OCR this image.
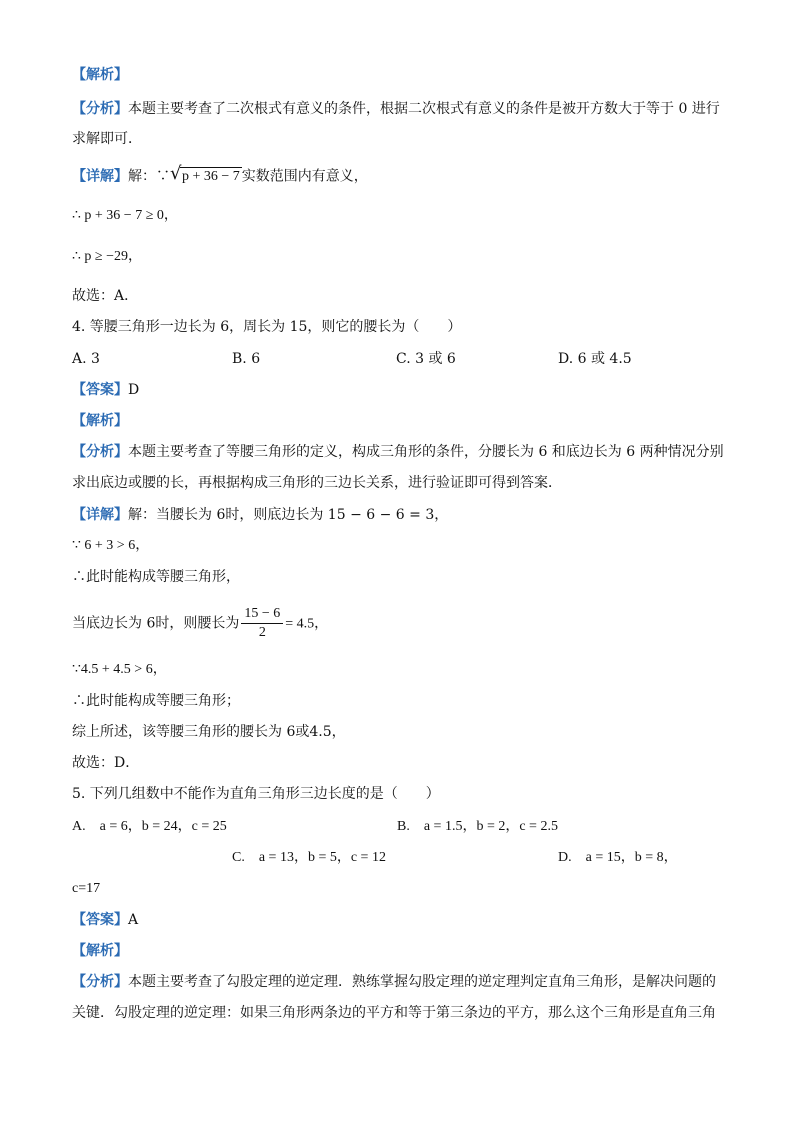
【解析】
【分析】本题主要考查了二次根式有意义的条件，根据二次根式有意义的条件是被开方数大于等于 0 进行
求解即可．
【详解】解：∵ √ p + 36 − 7 实数范围内有意义，
∴ p + 36 − 7 ≥ 0，
∴ p ≥ −29，
故选：A．
4. 等腰三角形一边长为 6，周长为 15，则它的腰长为（　　）
A. 3	B. 6	C. 3 或 6	D. 6 或 4.5
【答案】D
【解析】
【分析】本题主要考查了等腰三角形的定义，构成三角形的条件，分腰长为 6 和底边长为 6 两种情况分别
求出底边或腰的长，再根据构成三角形的三边长关系，进行验证即可得到答案．
【详解】解：当腰长为 6时，则底边长为 15 − 6 − 6 = 3，
∵ 6 + 3 > 6，
∴此时能构成等腰三角形，
当底边长为 6时，则腰长为 $\frac{15 - 6}{2} = 4.5$，
∵4.5 + 4.5 > 6，
∴此时能构成等腰三角形；
综上所述，该等腰三角形的腰长为 6或4.5，
故选：D．
5. 下列几组数中不能作为直角三角形三边长度的是（　　）
A.　a = 6，b = 24，c = 25	B.　a = 1.5，b = 2，c = 2.5
C.　a = 13，b = 5，c = 12	D.　a = 15，b = 8，
c=17
【答案】A
【解析】
【分析】本题主要考查了勾股定理的逆定理．熟练掌握勾股定理的逆定理判定直角三角形，是解决问题的
关键．勾股定理的逆定理：如果三角形两条边的平方和等于第三条边的平方，那么这个三角形是直角三角
